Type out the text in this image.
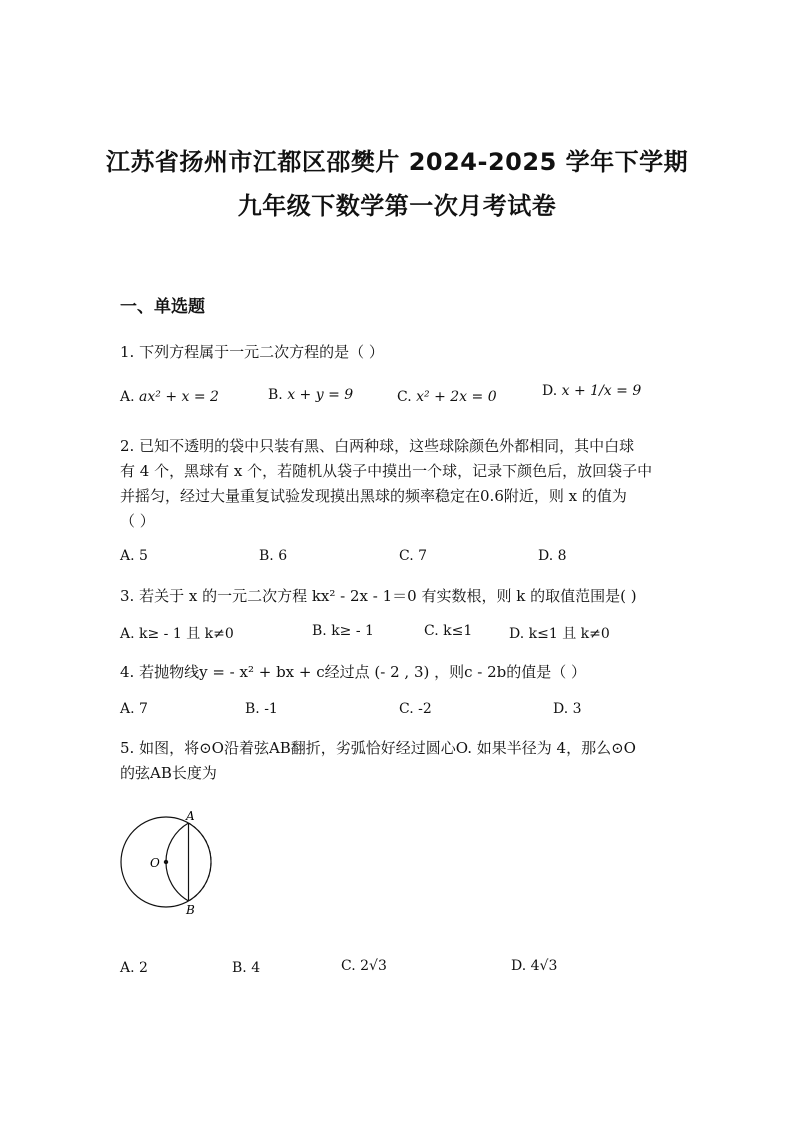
江苏省扬州市江都区邵樊片 2024-2025 学年下学期
九年级下数学第一次月考试卷
一、单选题
1. 下列方程属于一元二次方程的是（ ）
A. ax² + x = 2	B. x + y = 9	C. x² + 2x = 0	D. x + 1/x = 9
2. 已知不透明的袋中只装有黑、白两种球，这些球除颜色外都相同，其中白球
有 4 个，黑球有 x 个，若随机从袋子中摸出一个球，记录下颜色后，放回袋子中
并摇匀，经过大量重复试验发现摸出黑球的频率稳定在0.6附近，则 x 的值为
（ ）
A. 5	B. 6	C. 7	D. 8
3. 若关于 x 的一元二次方程 kx² - 2x - 1＝0 有实数根，则 k 的取值范围是( )
A. k≥ - 1 且 k≠0	B. k≥ - 1	C. k≤1	D. k≤1 且 k≠0
4. 若抛物线y = - x² + bx + c经过点 (- 2 , 3) ，则c - 2b的值是（ ）
A. 7	B. -1	C. -2	D. 3
5. 如图，将⊙O沿着弦AB翻折，劣弧恰好经过圆心O. 如果半径为 4，那么⊙O
的弦AB长度为
A
B
O
A. 2	B. 4	C. 2√3	D. 4√3
